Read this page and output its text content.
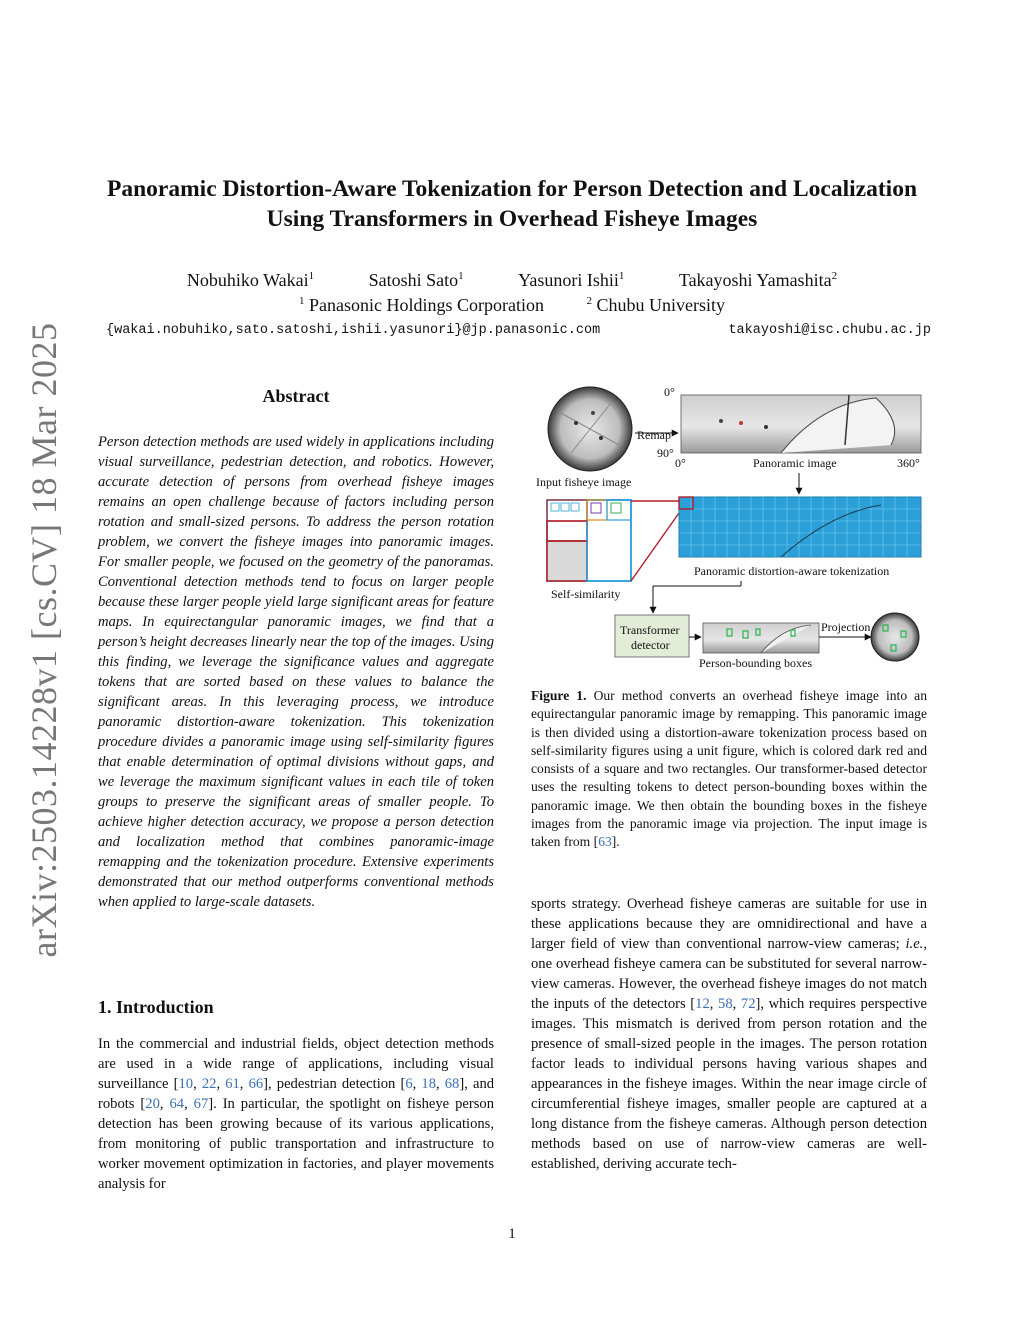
arXiv:2503.14228v1 [cs.CV] 18 Mar 2025
Panoramic Distortion-Aware Tokenization for Person Detection and Localization
Using Transformers in Overhead Fisheye Images
Nobuhiko Wakai$^1$	Satoshi Sato$^1$	Yasunori Ishii$^1$	Takayoshi Yamashita$^2$
$^1$ Panasonic Holdings Corporation	$^2$ Chubu University
{wakai.nobuhiko,sato.satoshi,ishii.yasunori}@jp.panasonic.com	takayoshi@isc.chubu.ac.jp
Abstract
Person detection methods are used widely in applications including visual surveillance, pedestrian detection, and robotics. However, accurate detection of persons from overhead fisheye images remains an open challenge because of factors including person rotation and small-sized persons. To address the person rotation problem, we convert the fisheye images into panoramic images. For smaller people, we focused on the geometry of the panoramas. Conventional detection methods tend to focus on larger people because these larger people yield large significant areas for feature maps. In equirectangular panoramic images, we find that a person’s height decreases linearly near the top of the images. Using this finding, we leverage the significance values and aggregate tokens that are sorted based on these values to balance the significant areas. In this leveraging process, we introduce panoramic distortion-aware tokenization. This tokenization procedure divides a panoramic image using self-similarity figures that enable determination of optimal divisions without gaps, and we leverage the maximum significant values in each tile of token groups to preserve the significant areas of smaller people. To achieve higher detection accuracy, we propose a person detection and localization method that combines panoramic-image remapping and the tokenization procedure. Extensive experiments demonstrated that our method outperforms conventional methods when applied to large-scale datasets.
1. Introduction
In the commercial and industrial fields, object detection methods are used in a wide range of applications, including visual surveillance [10, 22, 61, 66], pedestrian detection [6, 18, 68], and robots [20, 64, 67]. In particular, the spotlight on fisheye person detection has been growing because of its various applications, from monitoring of public transportation and infrastructure to worker movement optimization in factories, and player movements analysis for
Input fisheye image
0°
Remap
90°
0°	Panoramic image	360°
Self-similarity
Panoramic distortion-aware tokenization
Transformer
detector
Person-bounding boxes
Projection
Figure 1. Our method converts an overhead fisheye image into an equirectangular panoramic image by remapping. This panoramic image is then divided using a distortion-aware tokenization process based on self-similarity figures using a unit figure, which is colored dark red and consists of a square and two rectangles. Our transformer-based detector uses the resulting tokens to detect person-bounding boxes within the panoramic image. We then obtain the bounding boxes in the fisheye images from the panoramic image via projection. The input image is taken from [63].
sports strategy. Overhead fisheye cameras are suitable for use in these applications because they are omnidirectional and have a larger field of view than conventional narrow-view cameras; i.e., one overhead fisheye camera can be substituted for several narrow-view cameras. However, the overhead fisheye images do not match the inputs of the detectors [12, 58, 72], which requires perspective images. This mismatch is derived from person rotation and the presence of small-sized people in the images. The person rotation factor leads to individual persons having various shapes and appearances in the fisheye images. Within the near image circle of circumferential fisheye images, smaller people are captured at a long distance from the fisheye cameras. Although person detection methods based on use of narrow-view cameras are well-established, deriving accurate tech-
1
